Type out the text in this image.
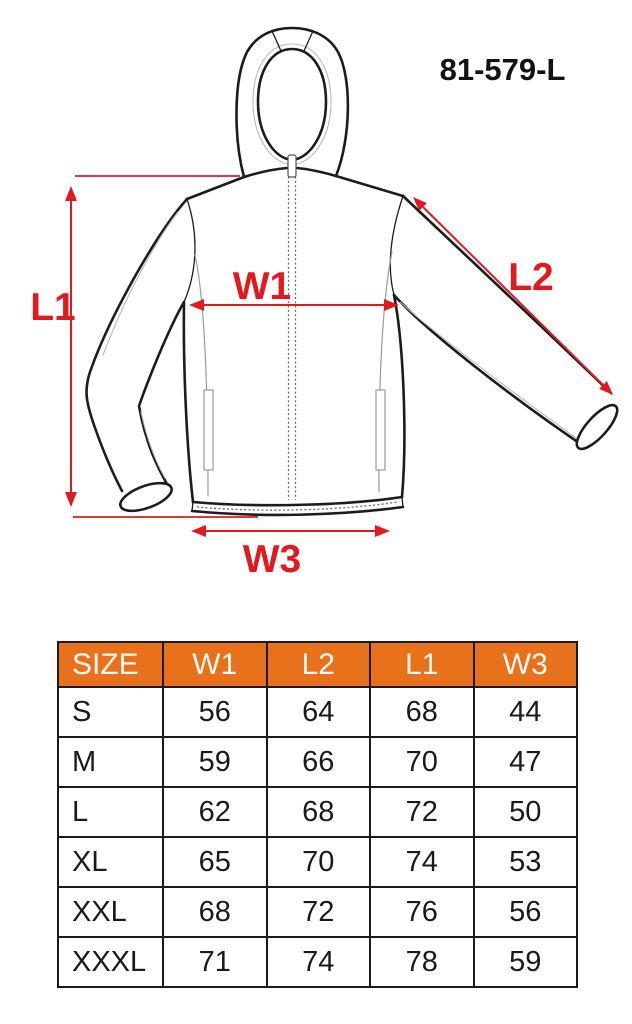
81-579-L
L1	W1	L2
W3
SIZE	W1	L2	L1	W3
S	56	64	68	44
M	59	66	70	47
L	62	68	72	50
XL	65	70	74	53
XXL	68	72	76	56
XXXL	71	74	78	59
